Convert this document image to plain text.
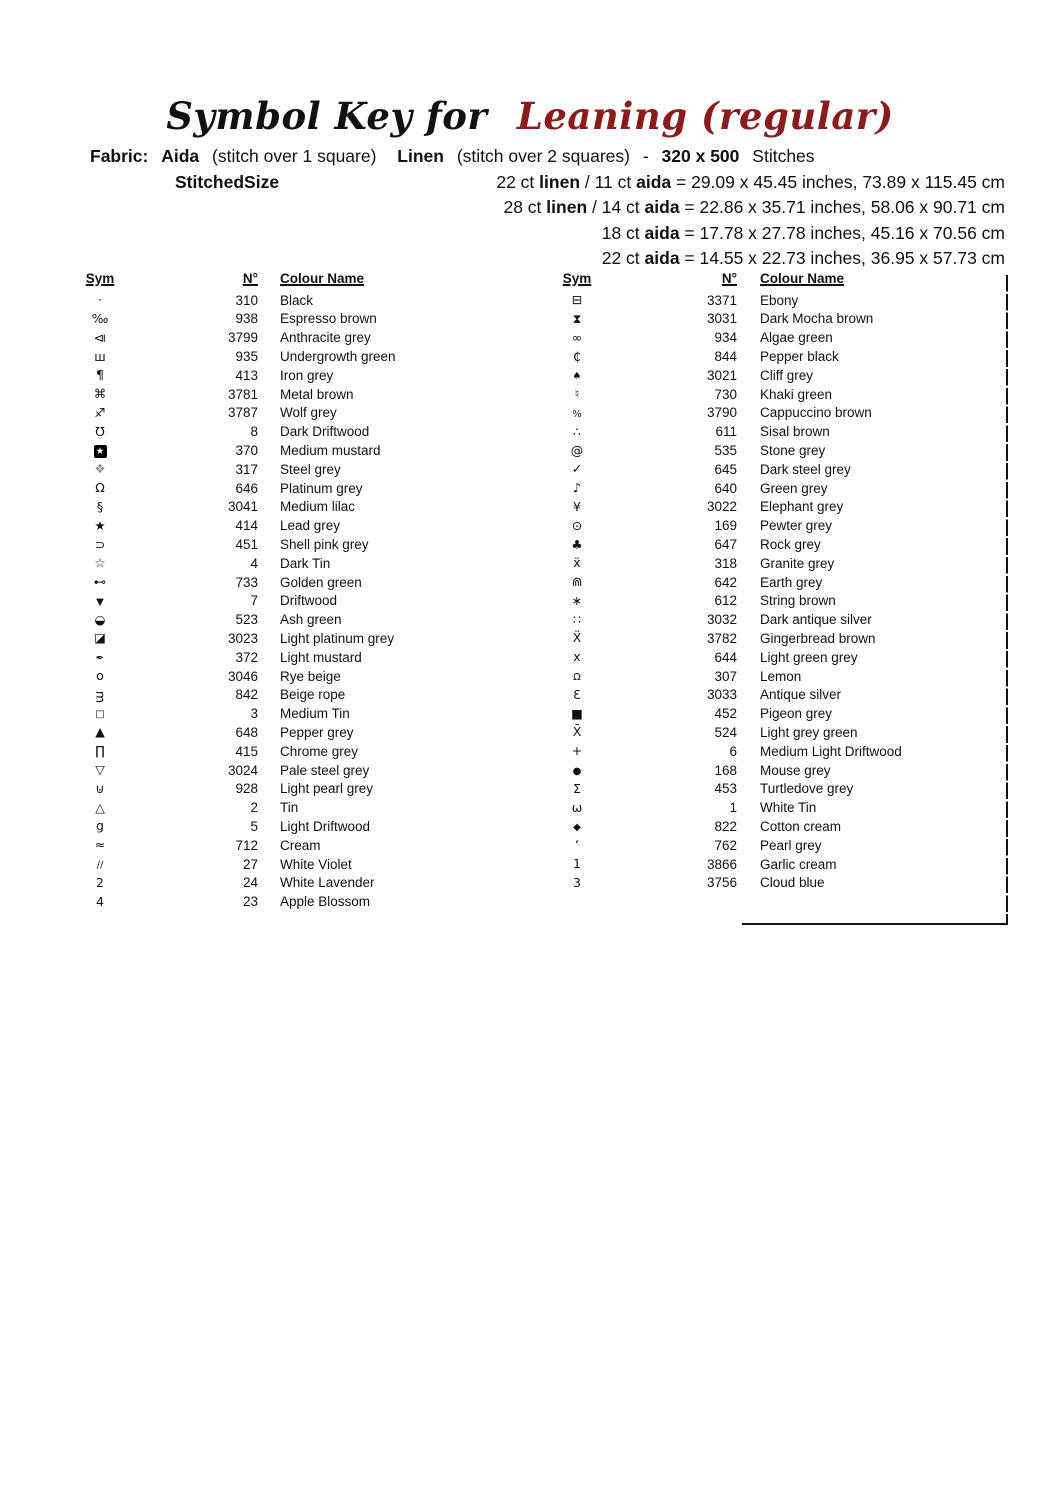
Symbol Key for Leaning (regular)
Fabric: Aida (stitch over 1 square) Linen (stitch over 2 squares) - 320 x 500 Stitches
StitchedSize	22 ct linen / 11 ct aida = 29.09 x 45.45 inches, 73.89 x 115.45 cm
28 ct linen / 14 ct aida = 22.86 x 35.71 inches, 58.06 x 90.71 cm
18 ct aida = 17.78 x 27.78 inches, 45.16 x 70.56 cm
22 ct aida = 14.55 x 22.73 inches, 36.95 x 57.73 cm
Sym	N° Colour Name
·	310 Black
‰	938 Espresso brown
⧏	3799 Anthracite grey
ш	935 Undergrowth green
¶	413 Iron grey
⌘	3781 Metal brown
♐	3787 Wolf grey
℧	8 Dark Driftwood
★	370 Medium mustard
❖	317 Steel grey
Ω	646 Platinum grey
§	3041 Medium lilac
★	414 Lead grey
⊃	451 Shell pink grey
☆	4 Dark Tin
⊷	733 Golden green
▼	7 Driftwood
◒	523 Ash green
◪	3023 Light platinum grey
✒	372 Light mustard
o	3046 Rye beige
ᴟ	842 Beige rope
□	3 Medium Tin
▲	648 Pepper grey
∏	415 Chrome grey
▽	3024 Pale steel grey
⊍	928 Light pearl grey
△	2 Tin
g	5 Light Driftwood
≈	712 Cream
∕∕	27 White Violet
2	24 White Lavender
4	23 Apple Blossom
Sym	N° Colour Name
⊟	3371 Ebony
⧗	3031 Dark Mocha brown
∞	934 Algae green
₵	844 Pepper black
♠	3021 Cliff grey
♮	730 Khaki green
%	3790 Cappuccino brown
∴	611 Sisal brown
@	535 Stone grey
✓	645 Dark steel grey
♪	640 Green grey
¥	3022 Elephant grey
⊙	169 Pewter grey
♣	647 Rock grey
ẍ	318 Granite grey
⋒	642 Earth grey
∗	612 String brown
∷	3032 Dark antique silver
Ẍ	3782 Gingerbread brown
x	644 Light green grey
Ω	307 Lemon
Ɛ	3033 Antique silver
■	452 Pigeon grey
X̄	524 Light grey green
+	6 Medium Light Driftwood
●	168 Mouse grey
Σ	453 Turtledove grey
ω	1 White Tin
◆	822 Cotton cream
ʻ	762 Pearl grey
1	3866 Garlic cream
3	3756 Cloud blue
